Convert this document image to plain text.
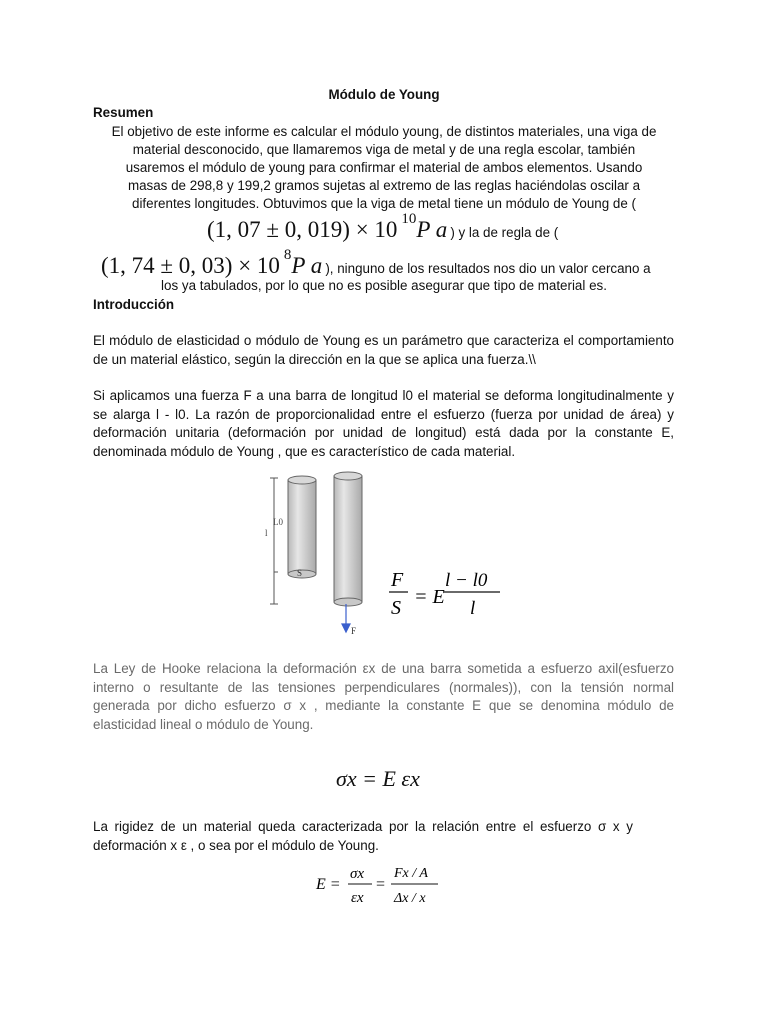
Módulo de Young
Resumen
El objetivo de este informe es calcular el módulo young, de distintos materiales, una viga de
material desconocido, que llamaremos viga de metal y de una regla escolar, también
usaremos el módulo de young para confirmar el material de ambos elementos. Usando
masas de 298,8 y 199,2 gramos sujetas al extremo de las reglas haciéndolas oscilar a
diferentes longitudes. Obtuvimos que la viga de metal tiene un módulo de Young de (
(1, 07 ± 0, 019) × 10 $^{10}$P a ) y la de regla de (
(1, 74 ± 0, 03) × 10 $^8$P a ), ninguno de los resultados nos dio un valor cercano a
los ya tabulados, por lo que no es posible asegurar que tipo de material es.
Introducción
El módulo de elasticidad o módulo de Young es un parámetro que caracteriza el comportamiento de un material elástico, según la dirección en la que se aplica una fuerza.\\
Si aplicamos una fuerza F a una barra de longitud l0 el material se deforma longitudinalmente y se alarga l - l0. La razón de proporcionalidad entre el esfuerzo (fuerza por unidad de área) y deformación unitaria (deformación por unidad de longitud) está dada por la constante E, denominada módulo de Young , que es característico de cada material.
L0
l
S
F
F
S = E
l − l0
l
La Ley de Hooke relaciona la deformación εx de una barra sometida a esfuerzo axil(esfuerzo interno o resultante de las tensiones perpendiculares (normales)), con la tensión normal generada por dicho esfuerzo σ x , mediante la constante E que se denomina módulo de elasticidad lineal o módulo de Young.
σx = E εx
La rigidez de un material queda caracterizada por la relación entre el esfuerzo σ x y deformación x ε , o sea por el módulo de Young.
E =
σx
εx
=
Fx / A
Δx / x
